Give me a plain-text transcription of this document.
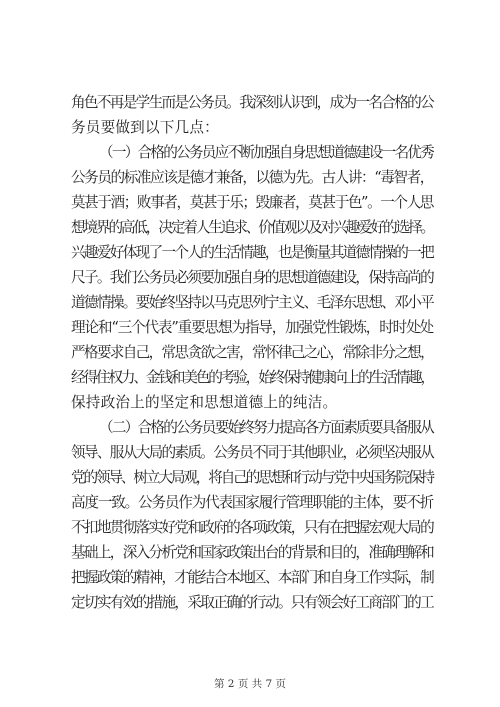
角色不再是学生而是公务员。我深刻认识到，成为一名合格的公
务员要做到以下几点：
（一）合格的公务员应不断加强自身思想道德建设一名优秀
公务员的标准应该是德才兼备，以德为先。古人讲：“毒智者，
莫甚于酒；败事者，莫甚于乐；毁廉者，莫甚于色”。一个人思
想境界的高低，决定着人生追求、价值观以及对兴趣爱好的选择。
兴趣爱好体现了一个人的生活情趣，也是衡量其道德情操的一把
尺子。我们公务员必须要加强自身的思想道德建设，保持高尚的
道德情操。要始终坚持以马克思列宁主义、毛泽东思想、邓小平
理论和“三个代表”重要思想为指导，加强党性锻炼，时时处处
严格要求自己，常思贪欲之害，常怀律己之心，常除非分之想，
经得住权力、金钱和美色的考验，始终保持健康向上的生活情趣，
保持政治上的坚定和思想道德上的纯洁。
（二）合格的公务员要始终努力提高各方面素质要具备服从
领导、服从大局的素质。公务员不同于其他职业，必须坚决服从
党的领导、树立大局观，将自己的思想和行动与党中央国务院保持
高度一致。公务员作为代表国家履行管理职能的主体，要不折
不扣地贯彻落实好党和政府的各项政策，只有在把握宏观大局的
基础上，深入分析党和国家政策出台的背景和目的，准确理解和
把握政策的精神，才能结合本地区、本部门和自身工作实际，制
定切实有效的措施，采取正确的行动。只有领会好工商部门的工
第 2 页 共 7 页
